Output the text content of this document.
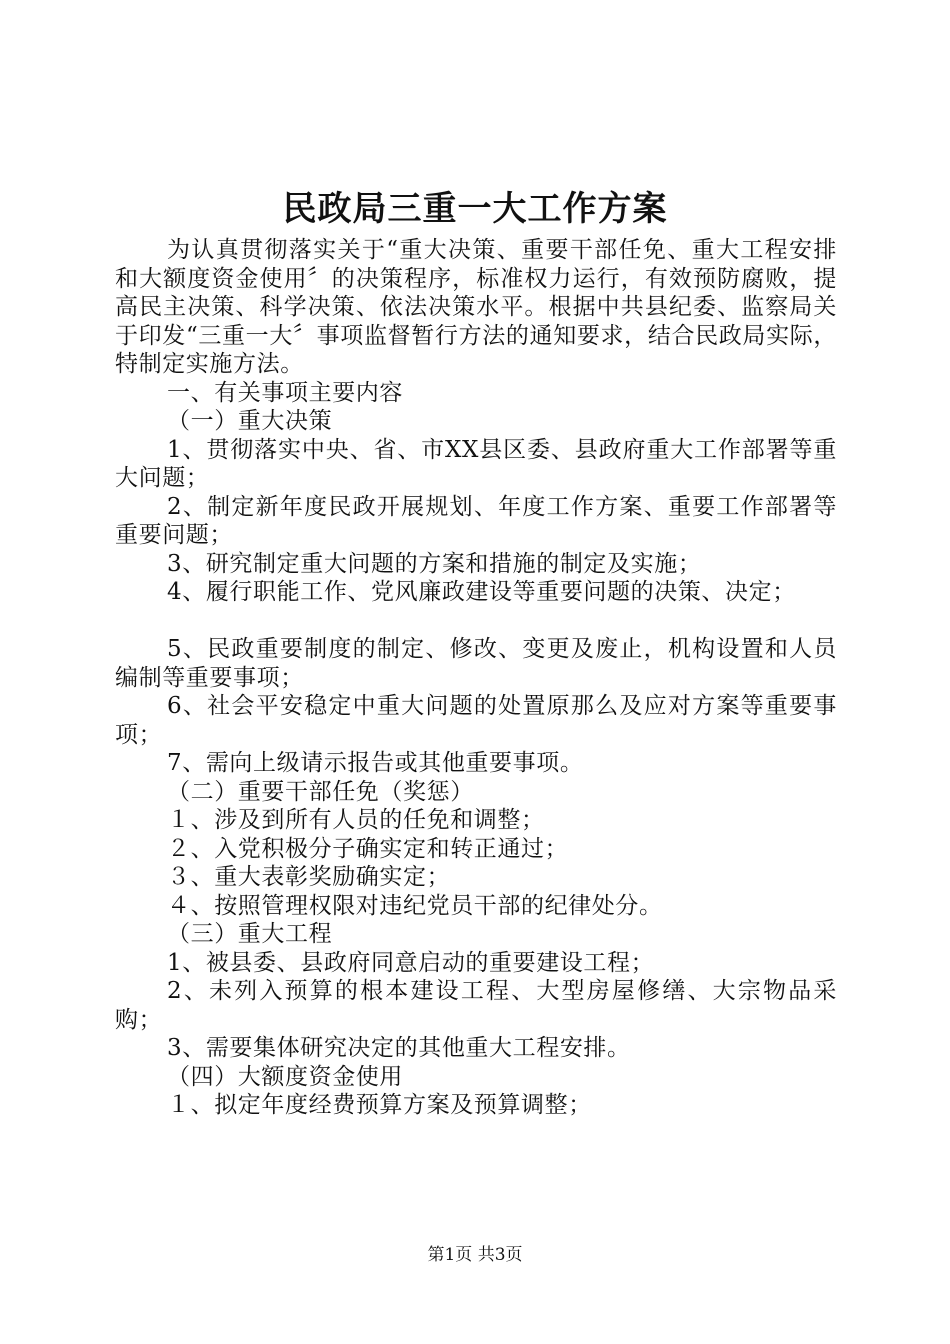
民政局三重一大工作方案

为认真贯彻落实关于“重大决策、重要干部任免、重大工程安排和大额度资金使用〞的决策程序，标准权力运行，有效预防腐败，提高民主决策、科学决策、依法决策水平。根据中共县纪委、监察局关于印发“三重一大〞事项监督暂行方法的通知要求，结合民政局实际，特制定实施方法。

一、有关事项主要内容

（一）重大决策

1、贯彻落实中央、省、市XX县区委、县政府重大工作部署等重大问题；

2、制定新年度民政开展规划、年度工作方案、重要工作部署等重要问题；

3、研究制定重大问题的方案和措施的制定及实施；

4、履行职能工作、党风廉政建设等重要问题的决策、决定；

5、民政重要制度的制定、修改、变更及废止，机构设置和人员编制等重要事项；

6、社会平安稳定中重大问题的处置原那么及应对方案等重要事项；

7、需向上级请示报告或其他重要事项。

（二）重要干部任免（奖惩）

１、涉及到所有人员的任免和调整；

２、入党积极分子确实定和转正通过；

３、重大表彰奖励确实定；

４、按照管理权限对违纪党员干部的纪律处分。

（三）重大工程

1、被县委、县政府同意启动的重要建设工程；

2、未列入预算的根本建设工程、大型房屋修缮、大宗物品采购；

3、需要集体研究决定的其他重大工程安排。

（四）大额度资金使用

１、拟定年度经费预算方案及预算调整；

第1页 共3页
